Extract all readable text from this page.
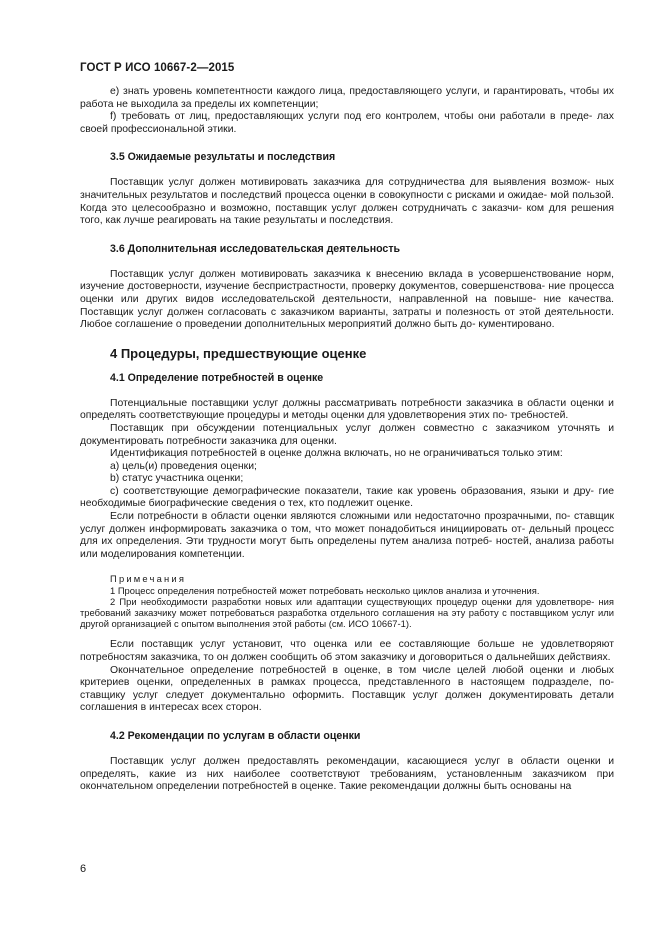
ГОСТ Р ИСО 10667-2—2015

e) знать уровень компетентности каждого лица, предоставляющего услуги, и гарантировать, чтобы их работа не выходила за пределы их компетенции;

f) требовать от лиц, предоставляющих услуги под его контролем, чтобы они работали в преде- лах своей профессиональной этики.

3.5 Ожидаемые результаты и последствия

Поставщик услуг должен мотивировать заказчика для сотрудничества для выявления возмож- ных значительных результатов и последствий процесса оценки в совокупности с рисками и ожидае- мой пользой. Когда это целесообразно и возможно, поставщик услуг должен сотрудничать с заказчи- ком для решения того, как лучше реагировать на такие результаты и последствия.

3.6 Дополнительная исследовательская деятельность

Поставщик услуг должен мотивировать заказчика к внесению вклада в усовершенствование норм, изучение достоверности, изучение беспристрастности, проверку документов, совершенствова- ние процесса оценки или других видов исследовательской деятельности, направленной на повыше- ние качества. Поставщик услуг должен согласовать с заказчиком варианты, затраты и полезность от этой деятельности. Любое соглашение о проведении дополнительных мероприятий должно быть до- кументировано.

4 Процедуры, предшествующие оценке
4.1 Определение потребностей в оценке

Потенциальные поставщики услуг должны рассматривать потребности заказчика в области оценки и определять соответствующие процедуры и методы оценки для удовлетворения этих по- требностей.

Поставщик при обсуждении потенциальных услуг должен совместно с заказчиком уточнять и документировать потребности заказчика для оценки.

Идентификация потребностей в оценке должна включать, но не ограничиваться только этим:

a) цель(и) проведения оценки;

b) статус участника оценки;

c) соответствующие демографические показатели, такие как уровень образования, языки и дру- гие необходимые биографические сведения о тех, кто подлежит оценке.

Если потребности в области оценки являются сложными или недостаточно прозрачными, по- ставщик услуг должен информировать заказчика о том, что может понадобиться инициировать от- дельный процесс для их определения. Эти трудности могут быть определены путем анализа потреб- ностей, анализа работы или моделирования компетенции.

Примечания

1 Процесс определения потребностей может потребовать несколько циклов анализа и уточнения.

2 При необходимости разработки новых или адаптации существующих процедур оценки для удовлетворе- ния требований заказчику может потребоваться разработка отдельного соглашения на эту работу с поставщиком услуг или другой организацией с опытом выполнения этой работы (см. ИСО 10667-1).

Если поставщик услуг установит, что оценка или ее составляющие больше не удовлетворяют потребностям заказчика, то он должен сообщить об этом заказчику и договориться о дальнейших действиях.

Окончательное определение потребностей в оценке, в том числе целей любой оценки и любых критериев оценки, определенных в рамках процесса, представленного в настоящем подразделе, по- ставщику услуг следует документально оформить. Поставщик услуг должен документировать детали соглашения в интересах всех сторон.

4.2 Рекомендации по услугам в области оценки

Поставщик услуг должен предоставлять рекомендации, касающиеся услуг в области оценки и определять, какие из них наиболее соответствуют требованиям, установленным заказчиком при окончательном определении потребностей в оценке. Такие рекомендации должны быть основаны на

6
